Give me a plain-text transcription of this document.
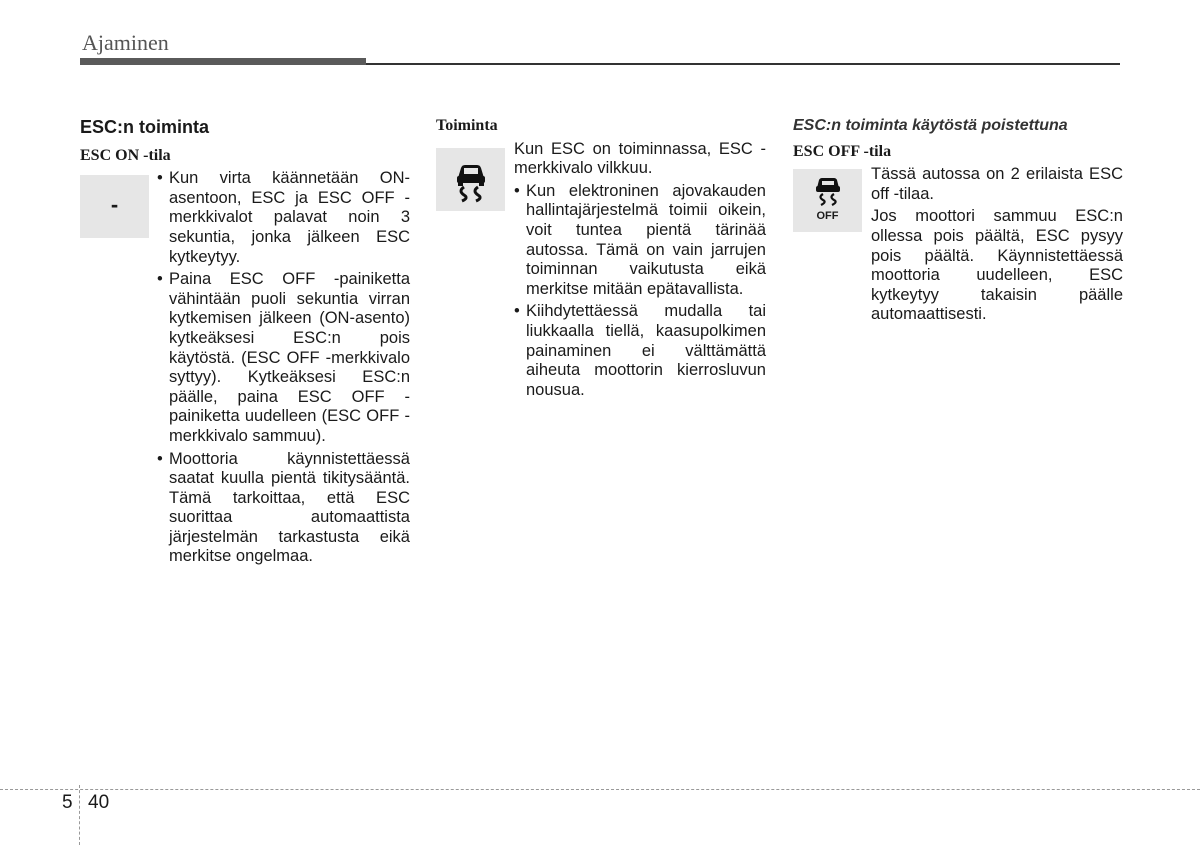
Ajaminen
ESC:n toiminta
ESC ON -tila
-
• Kun virta käännetään ON-asentoon, ESC ja ESC OFF -merkkivalot palavat noin 3 sekuntia, jonka jälkeen ESC kytkeytyy.
• Paina ESC OFF -painiketta vähintään puoli sekuntia virran kytkemisen jälkeen (ON-asento) kytkeäksesi ESC:n pois käytöstä. (ESC OFF -merkkivalo syttyy). Kytkeäksesi ESC:n päälle, paina ESC OFF -painiketta uudelleen (ESC OFF -merkkivalo sammuu).
• Moottoria käynnistettäessä saatat kuulla pientä tikitysääntä. Tämä tarkoittaa, että ESC suorittaa automaattista järjestelmän tarkastusta eikä merkitse ongelmaa.
Toiminta
Kun ESC on toiminnassa, ESC -merkkivalo vilkkuu.
• Kun elektroninen ajovakauden hallintajärjestelmä toimii oikein, voit tuntea pientä tärinää autossa. Tämä on vain jarrujen toiminnan vaikutusta eikä merkitse mitään epätavallista.
• Kiihdytettäessä mudalla tai liukkaalla tiellä, kaasupolkimen painaminen ei välttämättä aiheuta moottorin kierrosluvun nousua.
ESC:n toiminta käytöstä poistettuna
ESC OFF -tila
OFF
Tässä autossa on 2 erilaista ESC off -tilaa.
Jos moottori sammuu ESC:n ollessa pois päältä, ESC pysyy pois päältä. Käynnistettäessä moottoria uudelleen, ESC kytkeytyy takaisin päälle automaattisesti.
5 40
